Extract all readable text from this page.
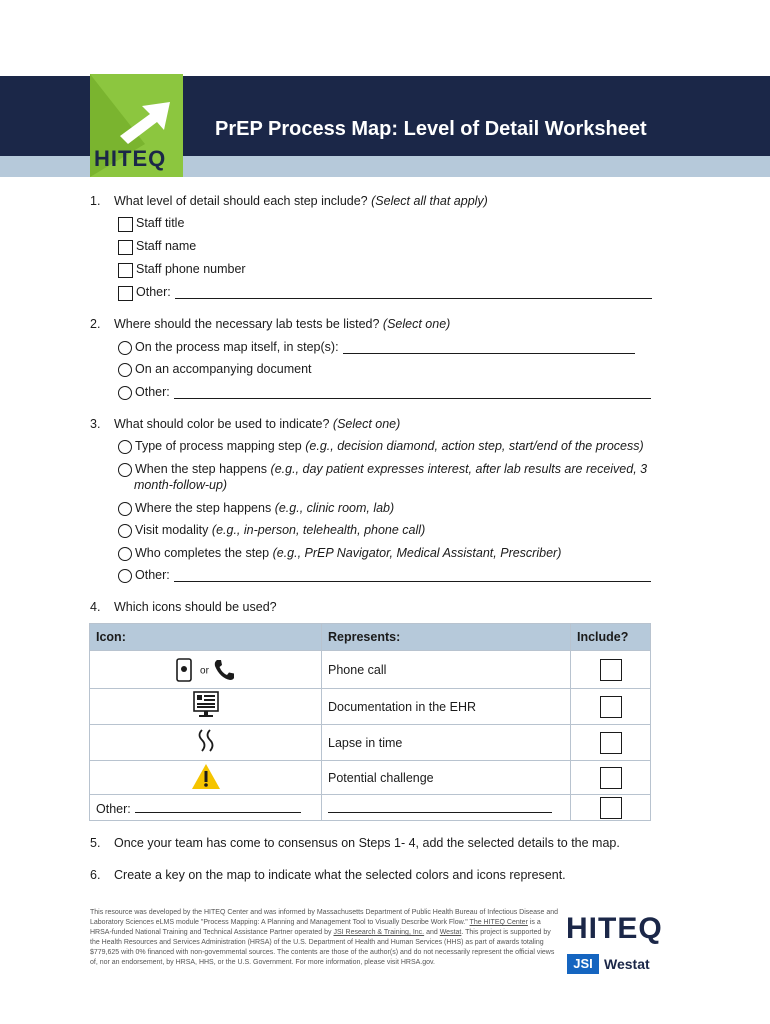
HITEQ
PrEP Process Map: Level of Detail Worksheet
1. What level of detail should each step include? (Select all that apply)
Staff title
Staff name
Staff phone number
Other:
2. Where should the necessary lab tests be listed? (Select one)
On the process map itself, in step(s):
On an accompanying document
Other:
3. What should color be used to indicate? (Select one)
Type of process mapping step
(e.g., decision diamond, action step, start/end of the process)
When the step happens
(e.g., day patient expresses interest, after lab results are received, 3
month-follow-up)
Where the step happens
(e.g., clinic room, lab)
Visit modality
(e.g., in-person, telehealth, phone call)
Who completes the step
(e.g., PrEP Navigator, Medical Assistant, Prescriber)
Other:
4. Which icons should be used?
Icon:	Represents:	Include?
or	Phone call	

	Documentation in the EHR	

	Lapse in time	

	Potential challenge	

Other:		
5. Once your team has come to consensus on Steps 1- 4, add the selected details to the map.
6. Create a key on the map to indicate what the selected colors and icons represent.
This resource was developed by the HITEQ Center and was informed by Massachusetts Department of Public Health Bureau of Infectious Disease and Laboratory Sciences eLMS module "Process Mapping: A Planning and Management Tool to Visually Describe Work Flow." The HITEQ Center is a HRSA-funded National Training and Technical Assistance Partner operated by JSI Research & Training, Inc. and Westat. This project is supported by the Health Resources and Services Administration (HRSA) of the U.S. Department of Health and Human Services (HHS) as part of awards totaling $779,625 with 0% financed with non-governmental sources. The contents are those of the author(s) and do not necessarily represent the official views of, nor an endorsement, by HRSA, HHS, or the U.S. Government. For more information, please visit HRSA.gov.
HITEQ
JSI Westat
